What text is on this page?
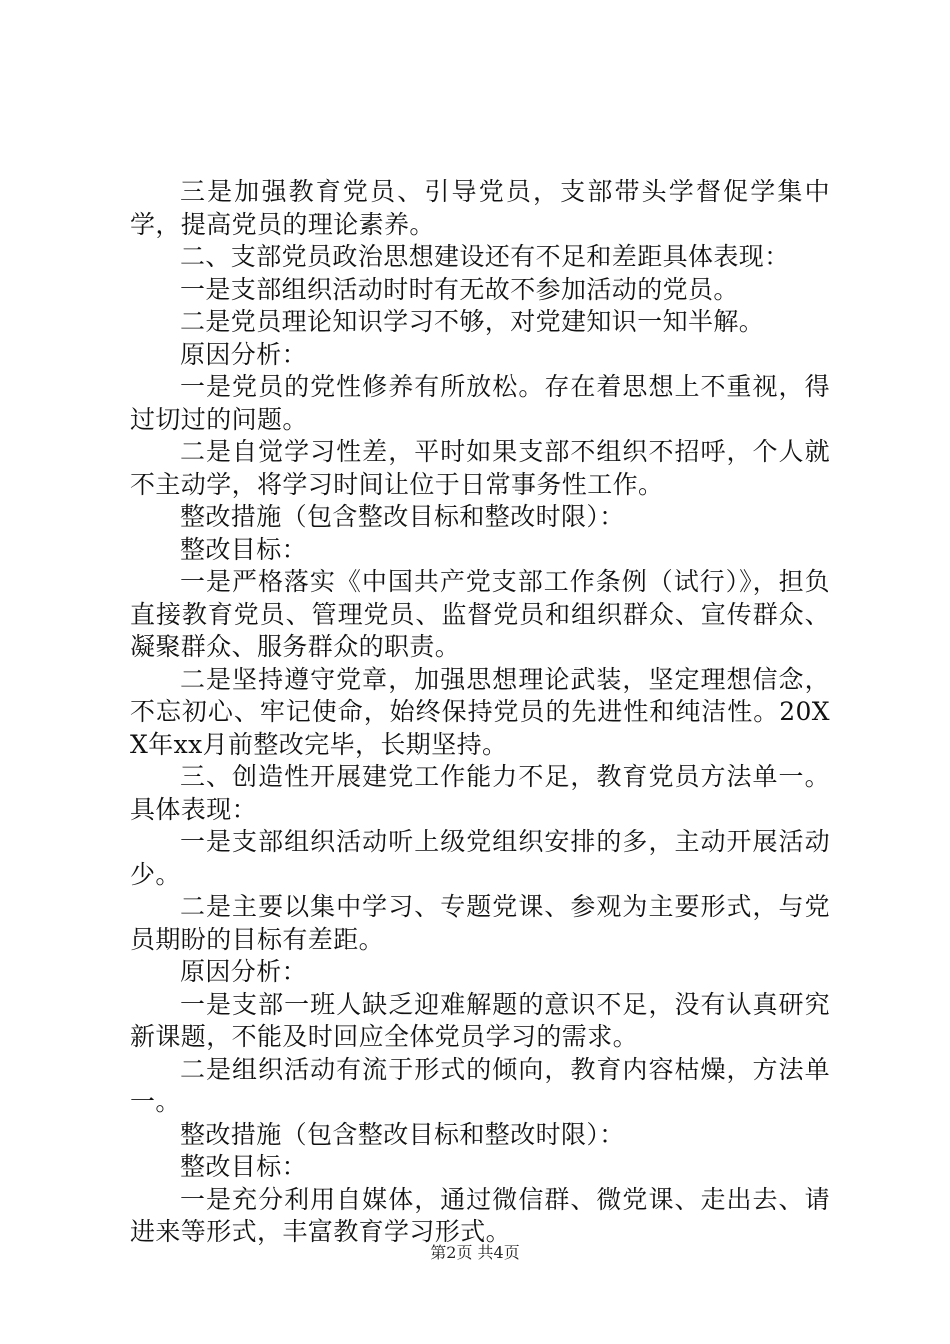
三是加强教育党员、引导党员，支部带头学督促学集中学，提高党员的理论素养。

二、支部党员政治思想建设还有不足和差距具体表现：

一是支部组织活动时时有无故不参加活动的党员。

二是党员理论知识学习不够，对党建知识一知半解。

原因分析：

一是党员的党性修养有所放松。存在着思想上不重视，得过切过的问题。

二是自觉学习性差，平时如果支部不组织不招呼，个人就不主动学，将学习时间让位于日常事务性工作。

整改措施（包含整改目标和整改时限）：

整改目标：

一是严格落实《中国共产党支部工作条例（试行）》，担负直接教育党员、管理党员、监督党员和组织群众、宣传群众、凝聚群众、服务群众的职责。

二是坚持遵守党章，加强思想理论武装，坚定理想信念，不忘初心、牢记使命，始终保持党员的先进性和纯洁性。20XX年xx月前整改完毕，长期坚持。

三、创造性开展建党工作能力不足，教育党员方法单一。具体表现：

一是支部组织活动听上级党组织安排的多，主动开展活动少。

二是主要以集中学习、专题党课、参观为主要形式，与党员期盼的目标有差距。

原因分析：

一是支部一班人缺乏迎难解题的意识不足，没有认真研究新课题，不能及时回应全体党员学习的需求。

二是组织活动有流于形式的倾向，教育内容枯燥，方法单一。

整改措施（包含整改目标和整改时限）：

整改目标：

一是充分利用自媒体，通过微信群、微党课、走出去、请进来等形式，丰富教育学习形式。

第2页 共4页
